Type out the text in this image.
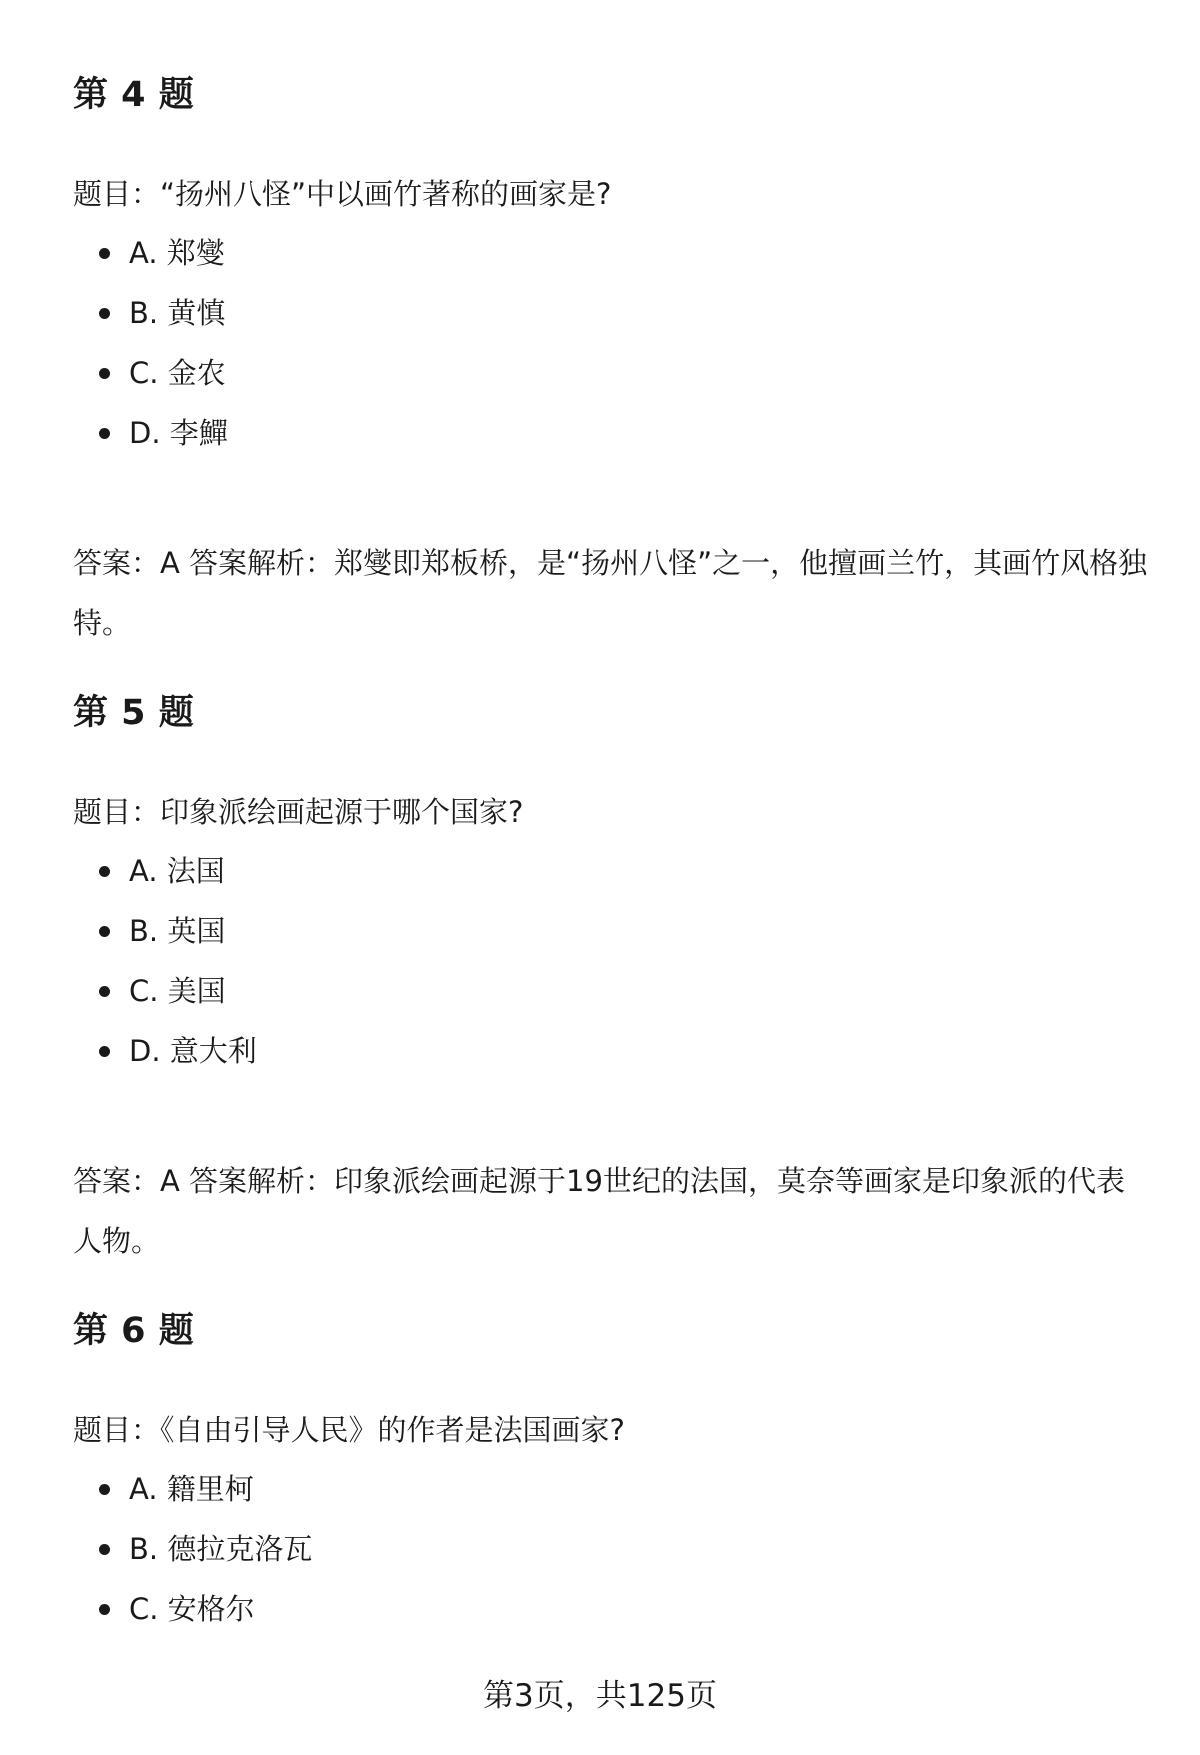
第 4 题

题目：“扬州八怪”中以画竹著称的画家是?

A. 郑燮
B. 黄慎
C. 金农
D. 李鱓

答案：A 答案解析：郑燮即郑板桥，是“扬州八怪”之一，他擅画兰竹，其画竹风格独特。

第 5 题

题目：印象派绘画起源于哪个国家?

A. 法国
B. 英国
C. 美国
D. 意大利

答案：A 答案解析：印象派绘画起源于19世纪的法国，莫奈等画家是印象派的代表人物。

第 6 题

题目：《自由引导人民》的作者是法国画家?

A. 籍里柯
B. 德拉克洛瓦
C. 安格尔
第3页，共125页
